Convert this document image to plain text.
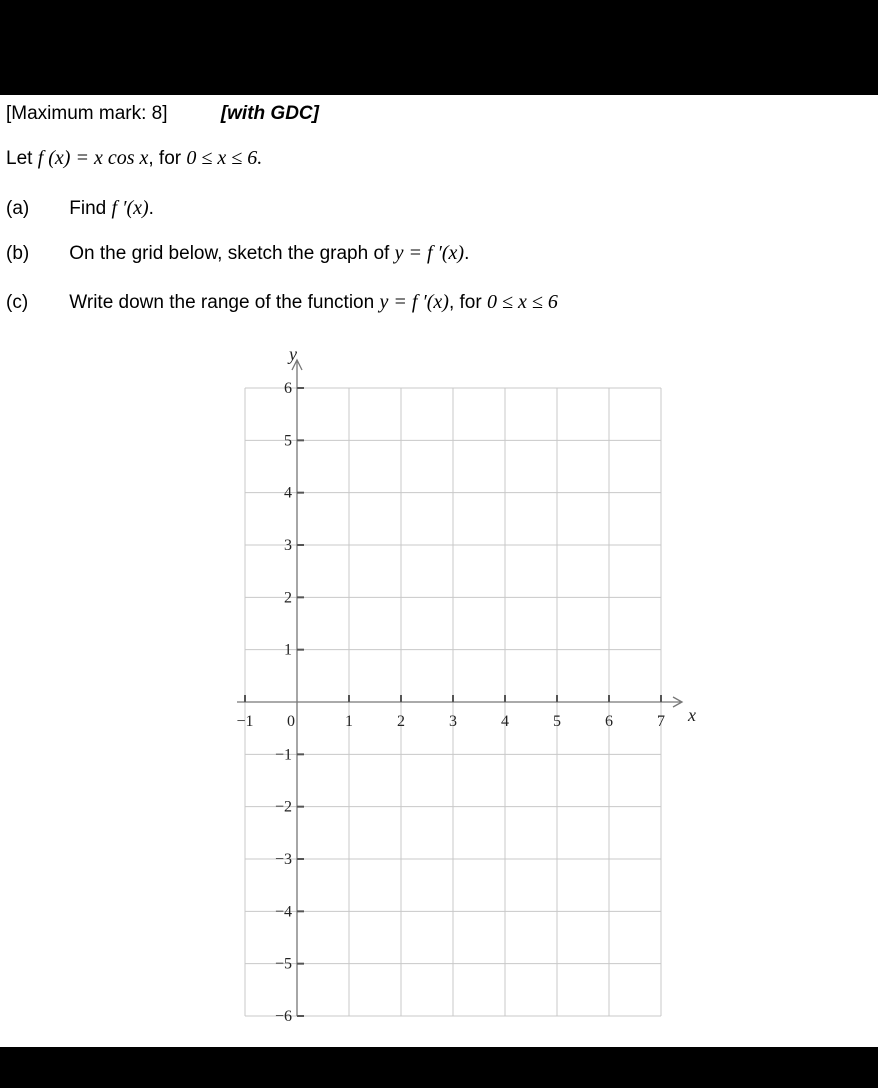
[Maximum mark: 8]	[with GDC]
Let f (x) = x cos x, for 0 ≤ x ≤ 6.
(a) Find f ′(x).
(b) On the grid below, sketch the graph of y = f ′(x).
(c) Write down the range of the function y = f ′(x), for 0 ≤ x ≤ 6
−1 0	1	2	3	4	5	6	7
6
5
4
3
2
1
−1
−2
−3
−4
−5
−6
x
y
